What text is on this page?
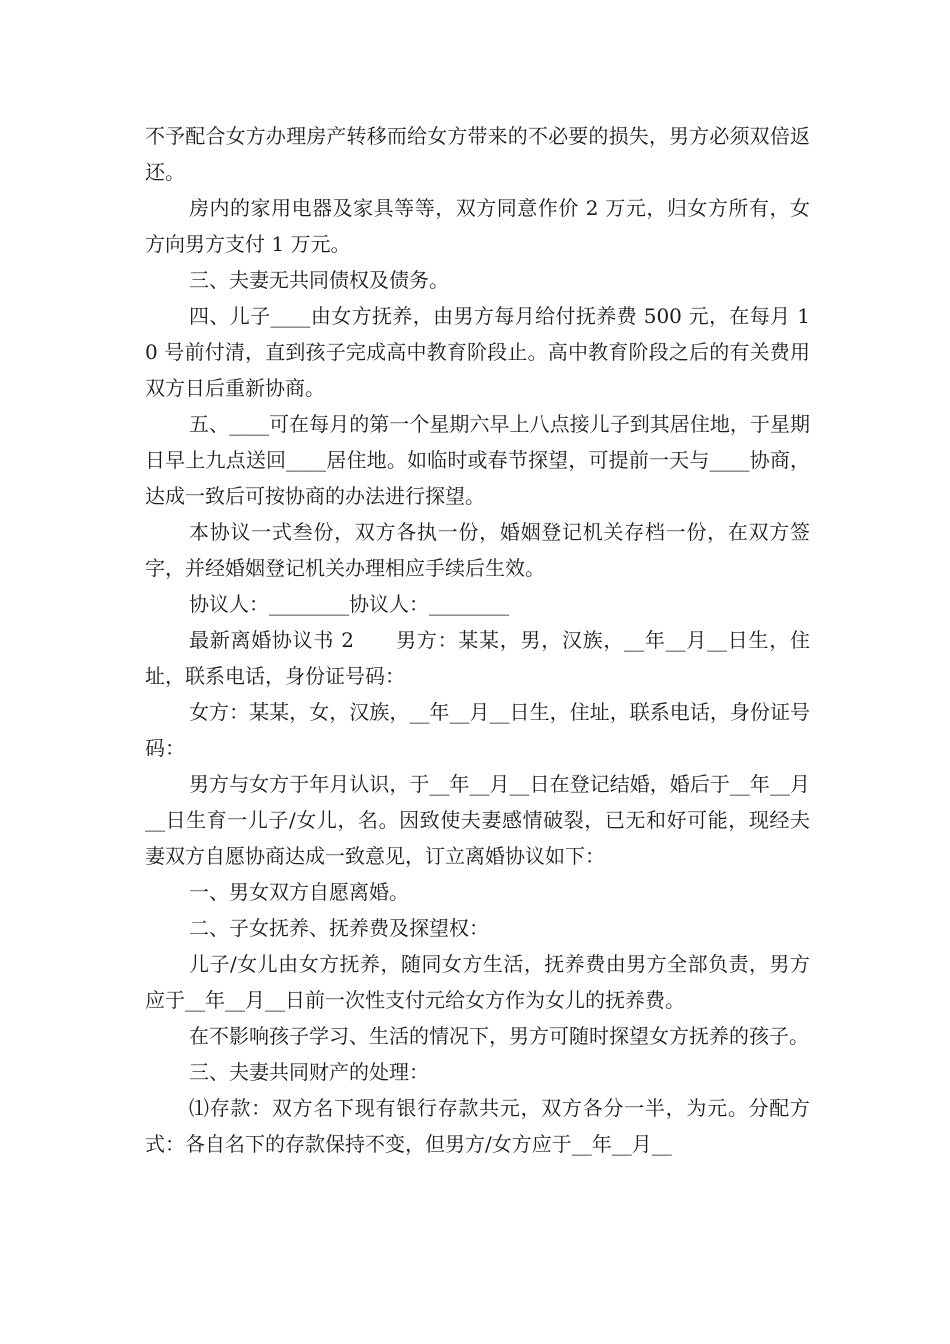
不予配合女方办理房产转移而给女方带来的不必要的损失，男方必须双倍返还。

房内的家用电器及家具等等，双方同意作价 2 万元，归女方所有，女方向男方支付 1 万元。

三、夫妻无共同债权及债务。

四、儿子____由女方抚养，由男方每月给付抚养费 500 元，在每月 10 号前付清，直到孩子完成高中教育阶段止。高中教育阶段之后的有关费用双方日后重新协商。

五、____可在每月的第一个星期六早上八点接儿子到其居住地，于星期日早上九点送回____居住地。如临时或春节探望，可提前一天与____协商，达成一致后可按协商的办法进行探望。

本协议一式叁份，双方各执一份，婚姻登记机关存档一份，在双方签字，并经婚姻登记机关办理相应手续后生效。

协议人：________协议人：________

最新离婚协议书 2　　男方：某某，男，汉族，__年__月__日生，住址，联系电话，身份证号码：

女方：某某，女，汉族，__年__月__日生，住址，联系电话，身份证号码：

男方与女方于年月认识，于__年__月__日在登记结婚，婚后于__年__月__日生育一儿子/女儿，名。因致使夫妻感情破裂，已无和好可能，现经夫妻双方自愿协商达成一致意见，订立离婚协议如下：

一、男女双方自愿离婚。

二、子女抚养、抚养费及探望权：

儿子/女儿由女方抚养，随同女方生活，抚养费由男方全部负责，男方应于__年__月__日前一次性支付元给女方作为女儿的抚养费。

在不影响孩子学习、生活的情况下，男方可随时探望女方抚养的孩子。

三、夫妻共同财产的处理：

⑴存款：双方名下现有银行存款共元，双方各分一半，为元。分配方式：各自名下的存款保持不变，但男方/女方应于__年__月__
